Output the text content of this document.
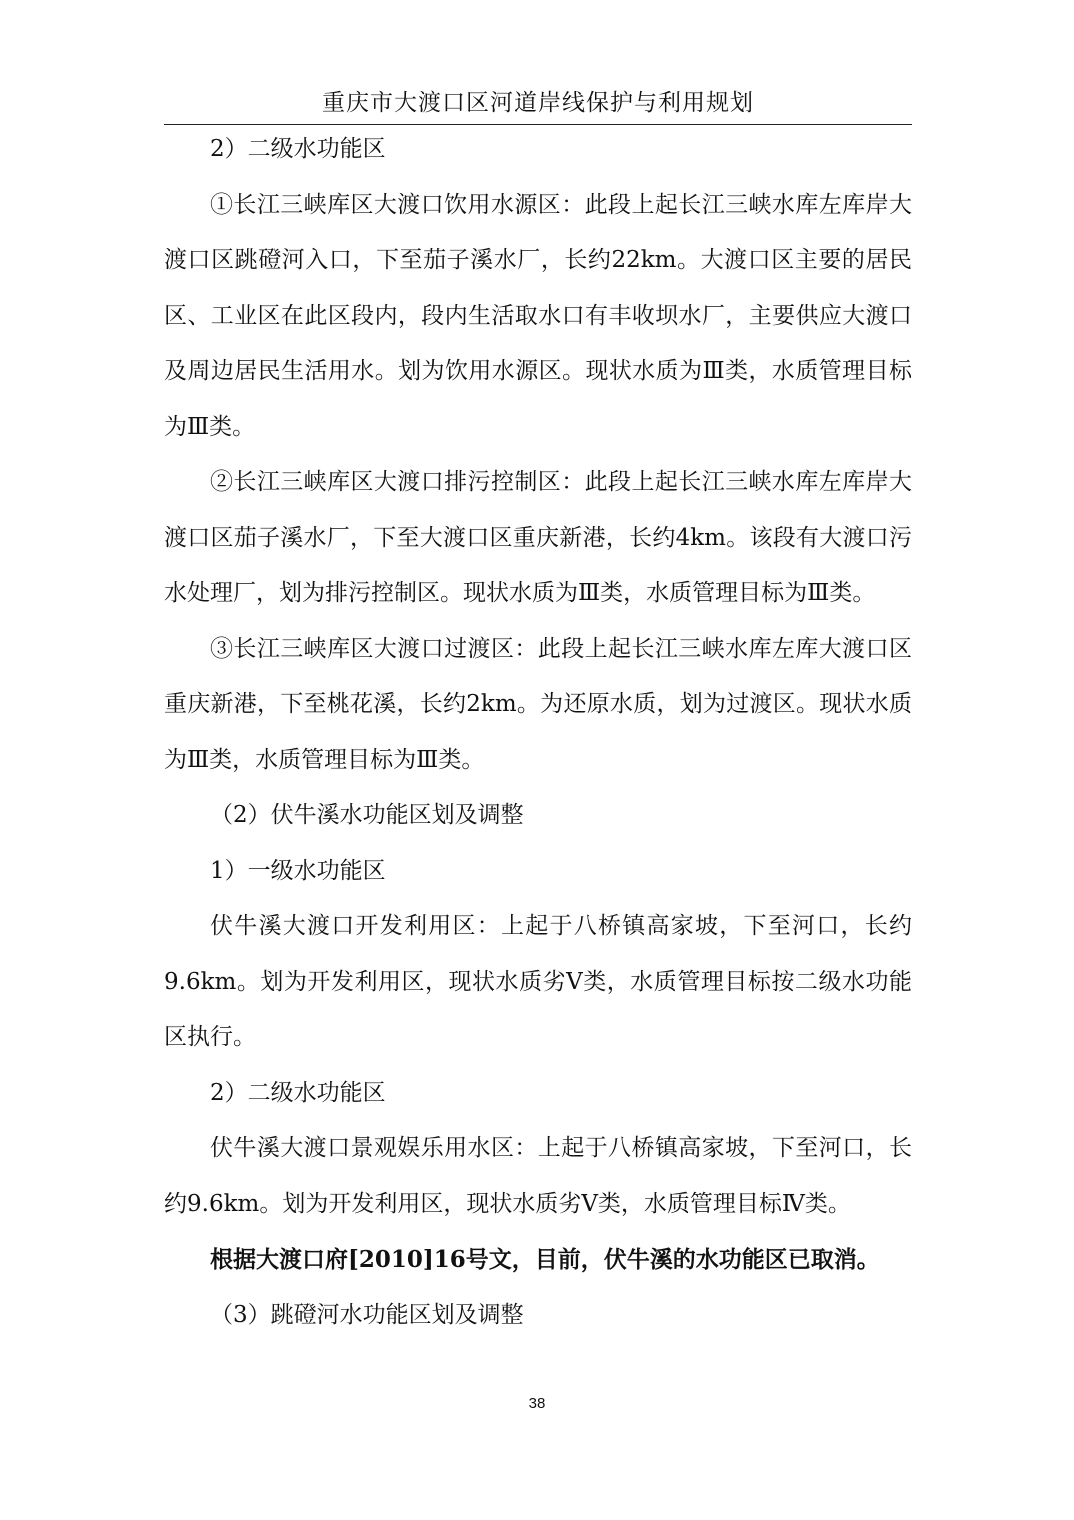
重庆市大渡口区河道岸线保护与利用规划

2）二级水功能区

①长江三峡库区大渡口饮用水源区：此段上起长江三峡水库左库岸大渡口区跳磴河入口，下至茄子溪水厂，长约22km。大渡口区主要的居民区、工业区在此区段内，段内生活取水口有丰收坝水厂，主要供应大渡口及周边居民生活用水。划为饮用水源区。现状水质为Ⅲ类，水质管理目标为Ⅲ类。

②长江三峡库区大渡口排污控制区：此段上起长江三峡水库左库岸大渡口区茄子溪水厂，下至大渡口区重庆新港，长约4km。该段有大渡口污水处理厂，划为排污控制区。现状水质为Ⅲ类，水质管理目标为Ⅲ类。

③长江三峡库区大渡口过渡区：此段上起长江三峡水库左库大渡口区重庆新港，下至桃花溪，长约2km。为还原水质，划为过渡区。现状水质为Ⅲ类，水质管理目标为Ⅲ类。

（2）伏牛溪水功能区划及调整

1）一级水功能区

伏牛溪大渡口开发利用区：上起于八桥镇高家坡，下至河口，长约9.6km。划为开发利用区，现状水质劣Ⅴ类，水质管理目标按二级水功能区执行。

2）二级水功能区

伏牛溪大渡口景观娱乐用水区：上起于八桥镇高家坡，下至河口，长约9.6km。划为开发利用区，现状水质劣Ⅴ类，水质管理目标Ⅳ类。

根据大渡口府[2010]16号文，目前，伏牛溪的水功能区已取消。

（3）跳磴河水功能区划及调整

38
